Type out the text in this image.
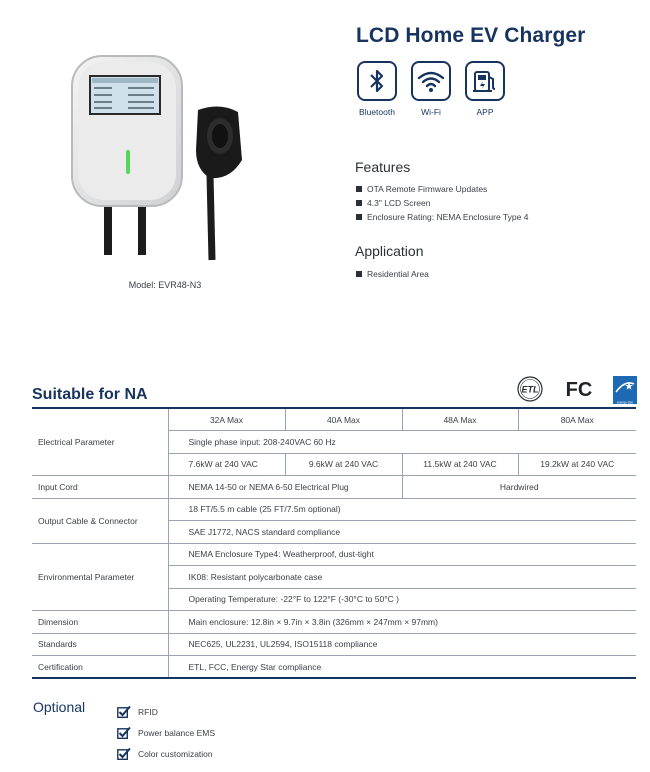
Model: EVR48-N3
LCD Home EV Charger
Bluetooth	Wi-Fi	APP
Features
OTA Remote Firmware Updates
4.3" LCD Screen
Enclosure Rating: NEMA Enclosure Type 4
Application
Residential Area
Suitable for NA	ETL FC
energy star
Electrical Parameter	32A Max	40A Max	48A Max	80A Max
	Single phase input: 208-240VAC 60 Hz			
	7.6kW at 240 VAC	9.6kW at 240 VAC	11.5kW at 240 VAC	19.2kW at 240 VAC
Input Cord	NEMA 14-50 or NEMA 6-50 Electrical Plug		Hardwired	
Output Cable & Connector	18 FT/5.5 m cable (25 FT/7.5m optional)			
	SAE J1772, NACS standard compliance			
Environmental Parameter	NEMA Enclosure Type4: Weatherproof, dust-tight			
	IK08: Resistant polycarbonate case			
	Operating Temperature: -22°F to 122°F (-30°C to 50°C )			
Dimension	Main enclosure: 12.8in × 9.7in × 3.8in (326mm × 247mm × 97mm)			
Standards	NEC625, UL2231, UL2594, ISO15118 compliance			
Certification	ETL, FCC, Energy Star compliance			
Optional	RFID
Power balance EMS
Color customization
